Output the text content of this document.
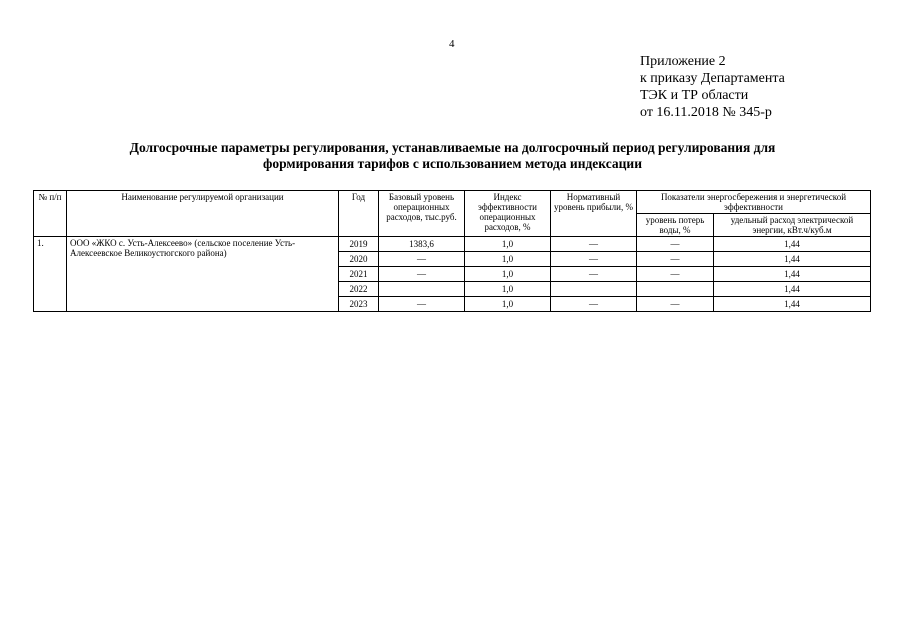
4
Приложение 2
к приказу Департамента
ТЭК и ТР области
от 16.11.2018 № 345-р
Долгосрочные параметры регулирования, устанавливаемые на долгосрочный период регулирования для
формирования тарифов с использованием метода индексации
№ п/п	Наименование регулируемой организации	Год	Базовый уровень операционных расходов, тыс.руб.	Индекс эффективности операционных расходов, %	Нормативный уровень прибыли, %	Показатели энергосбережения и энергетической эффективности	
						уровень потерь воды, %	удельный расход электрической энергии, кВт.ч/куб.м
1.	ООО «ЖКО с. Усть-Алексеево» (сельское поселение Усть-Алексеевское Великоустюгского района)	2019	1383,6	1,0	—	—	1,44
		2020	—	1,0	—	—	1,44
		2021	—	1,0	—	—	1,44
		2022		1,0			1,44
		2023	—	1,0	—	—	1,44
